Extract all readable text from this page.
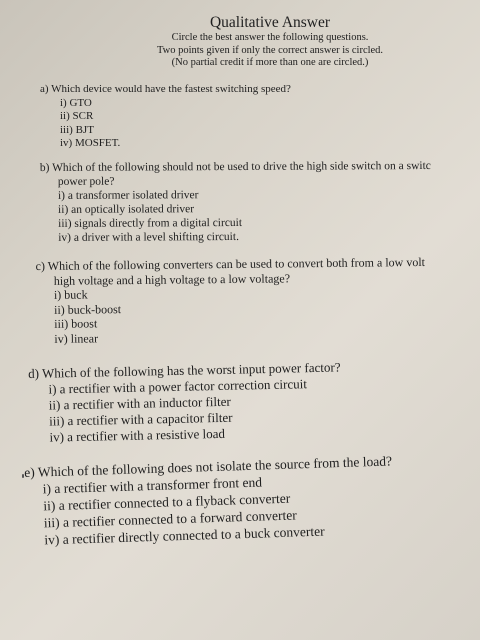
Qualitative Answer
Circle the best answer the following questions.
Two points given if only the correct answer is circled.
(No partial credit if more than one are circled.)
a) Which device would have the fastest switching speed?
i) GTO
ii) SCR
iii) BJT
iv) MOSFET.
b) Which of the following should not be used to drive the high side switch on a switc
power pole?
i) a transformer isolated driver
ii) an optically isolated driver
iii) signals directly from a digital circuit
iv) a driver with a level shifting circuit.
c) Which of the following converters can be used to convert both from a low volt
high voltage and a high voltage to a low voltage?
i) buck
ii) buck-boost
iii) boost
iv) linear
d) Which of the following has the worst input power factor?
i) a rectifier with a power factor correction circuit
ii) a rectifier with an inductor filter
iii) a rectifier with a capacitor filter
iv) a rectifier with a resistive load
e) Which of the following does not isolate the source from the load?
i) a rectifier with a transformer front end
ii) a rectifier connected to a flyback converter
iii) a rectifier connected to a forward converter
iv) a rectifier directly connected to a buck converter
